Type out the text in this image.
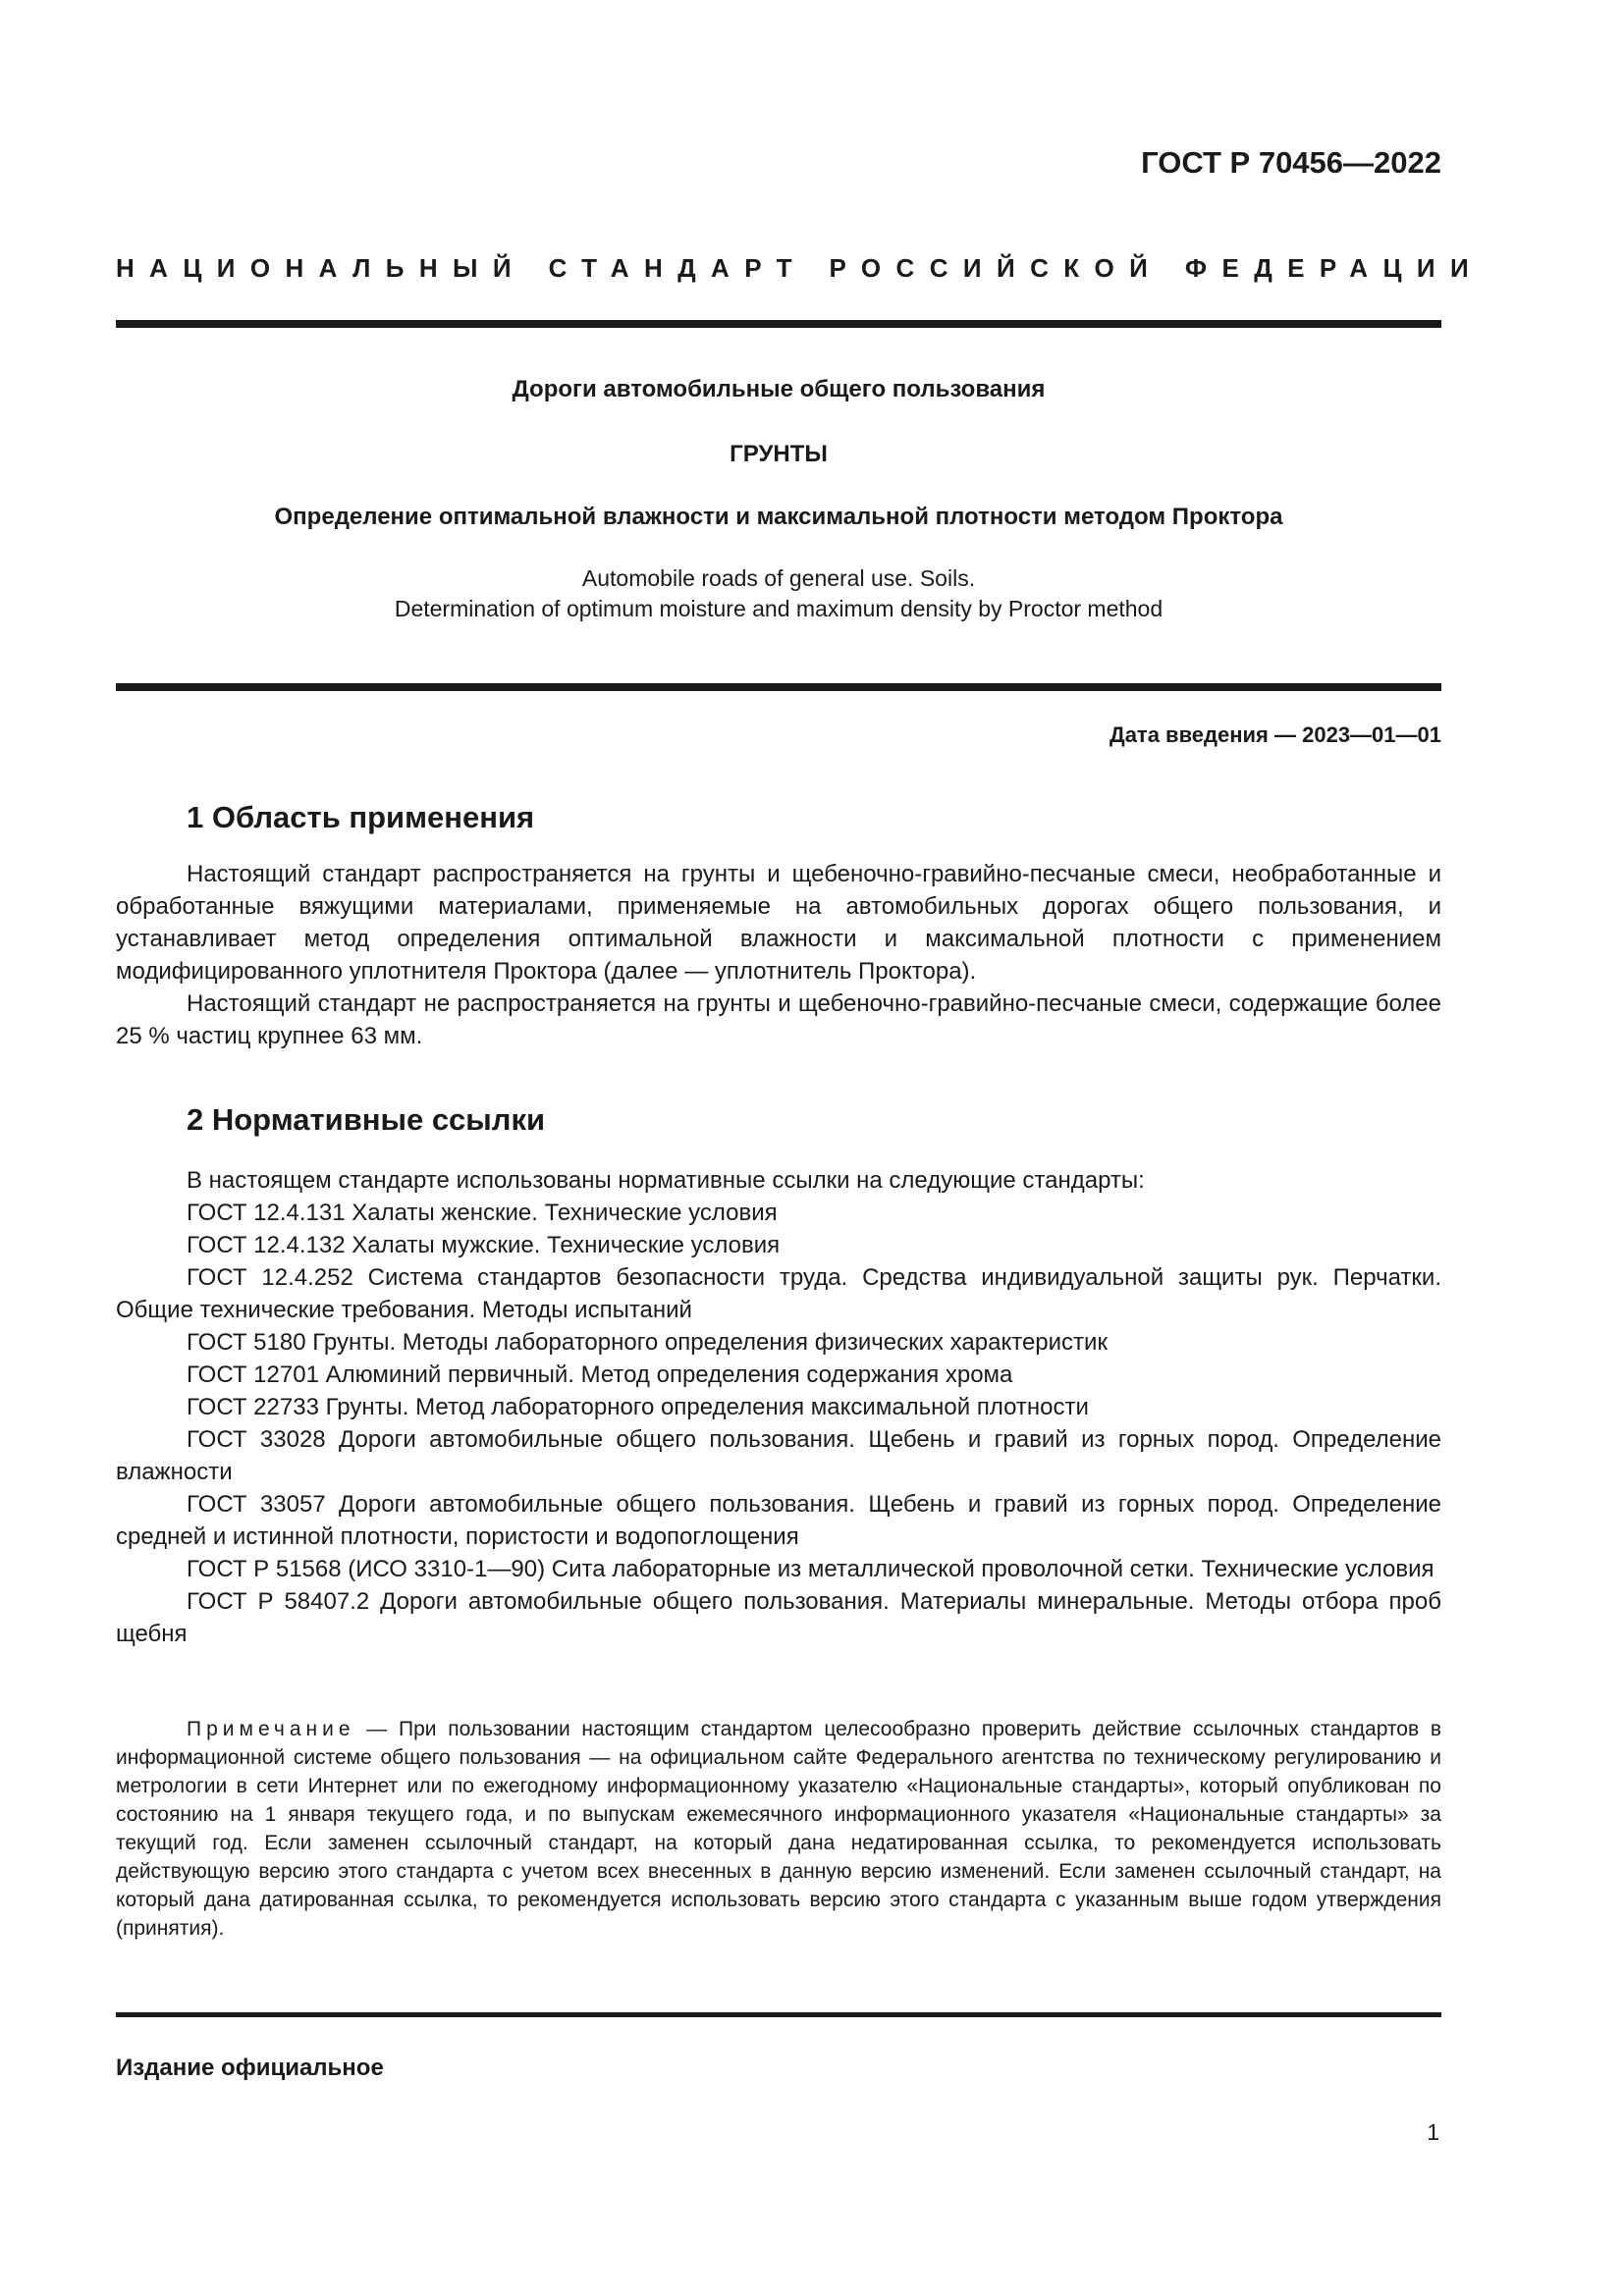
ГОСТ Р 70456—2022
НАЦИОНАЛЬНЫЙ СТАНДАРТ РОССИЙСКОЙ ФЕДЕРАЦИИ
Дороги автомобильные общего пользования
ГРУНТЫ
Определение оптимальной влажности и максимальной плотности методом Проктора
Automobile roads of general use. Soils.
Determination of optimum moisture and maximum density by Proctor method
Дата введения — 2023—01—01
1 Область применения

Настоящий стандарт распространяется на грунты и щебеночно-гравийно-песчаные смеси, необработанные и обработанные вяжущими материалами, применяемые на автомобильных дорогах общего пользования, и устанавливает метод определения оптимальной влажности и максимальной плотности с применением модифицированного уплотнителя Проктора (далее — уплотнитель Проктора).

Настоящий стандарт не распространяется на грунты и щебеночно-гравийно-песчаные смеси, содержащие более 25 % частиц крупнее 63 мм.

2 Нормативные ссылки

В настоящем стандарте использованы нормативные ссылки на следующие стандарты:

ГОСТ 12.4.131 Халаты женские. Технические условия

ГОСТ 12.4.132 Халаты мужские. Технические условия

ГОСТ 12.4.252 Система стандартов безопасности труда. Средства индивидуальной защиты рук. Перчатки. Общие технические требования. Методы испытаний

ГОСТ 5180 Грунты. Методы лабораторного определения физических характеристик

ГОСТ 12701 Алюминий первичный. Метод определения содержания хрома

ГОСТ 22733 Грунты. Метод лабораторного определения максимальной плотности

ГОСТ 33028 Дороги автомобильные общего пользования. Щебень и гравий из горных пород. Определение влажности

ГОСТ 33057 Дороги автомобильные общего пользования. Щебень и гравий из горных пород. Определение средней и истинной плотности, пористости и водопоглощения

ГОСТ Р 51568 (ИСО 3310-1—90) Сита лабораторные из металлической проволочной сетки. Технические условия

ГОСТ Р 58407.2 Дороги автомобильные общего пользования. Материалы минеральные. Методы отбора проб щебня

Примечание — При пользовании настоящим стандартом целесообразно проверить действие ссылочных стандартов в информационной системе общего пользования — на официальном сайте Федерального агентства по техническому регулированию и метрологии в сети Интернет или по ежегодному информационному указателю «Национальные стандарты», который опубликован по состоянию на 1 января текущего года, и по выпускам ежемесячного информационного указателя «Национальные стандарты» за текущий год. Если заменен ссылочный стандарт, на который дана недатированная ссылка, то рекомендуется использовать действующую версию этого стандарта с учетом всех внесенных в данную версию изменений. Если заменен ссылочный стандарт, на который дана датированная ссылка, то рекомендуется использовать версию этого стандарта с указанным выше годом утверждения (принятия).
Издание официальное
1
